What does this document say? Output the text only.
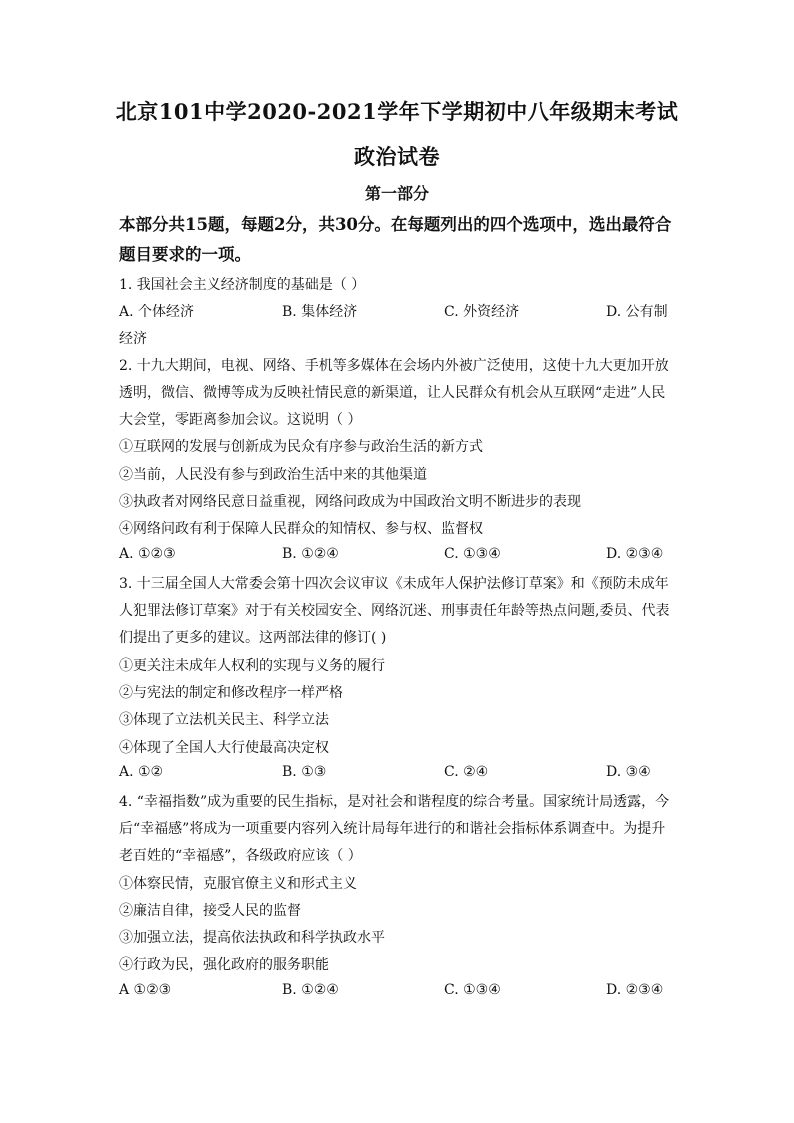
北京101中学2020-2021学年下学期初中八年级期末考试
政治试卷
第一部分
本部分共15题，每题2分，共30分。在每题列出的四个选项中，选出最符合
题目要求的一项。
1. 我国社会主义经济制度的基础是（ ）
A. 个体经济	B. 集体经济	C. 外资经济	D. 公有制
经济
2. 十九大期间，电视、网络、手机等多媒体在会场内外被广泛使用，这使十九大更加开放
透明，微信、微博等成为反映社情民意的新渠道，让人民群众有机会从互联网“走进”人民
大会堂，零距离参加会议。这说明（ ）
①互联网的发展与创新成为民众有序参与政治生活的新方式
②当前，人民没有参与到政治生活中来的其他渠道
③执政者对网络民意日益重视，网络问政成为中国政治文明不断进步的表现
④网络问政有利于保障人民群众的知情权、参与权、监督权
A. ①②③	B. ①②④	C. ①③④	D. ②③④
3. 十三届全国人大常委会第十四次会议审议《未成年人保护法修订草案》和《预防未成年
人犯罪法修订草案》对于有关校园安全、网络沉迷、刑事责任年龄等热点问题,委员、代表
们提出了更多的建议。这两部法律的修订( )
①更关注未成年人权利的实现与义务的履行
②与宪法的制定和修改程序一样严格
③体现了立法机关民主、科学立法
④体现了全国人大行使最高决定权
A. ①②	B. ①③	C. ②④	D. ③④
4. “幸福指数”成为重要的民生指标，是对社会和谐程度的综合考量。国家统计局透露，今
后“幸福感”将成为一项重要内容列入统计局每年进行的和谐社会指标体系调查中。为提升
老百姓的“幸福感”，各级政府应该（ ）
①体察民情，克服官僚主义和形式主义
②廉洁自律，接受人民的监督
③加强立法，提高依法执政和科学执政水平
④行政为民，强化政府的服务职能
A ①②③	B. ①②④	C. ①③④	D. ②③④
